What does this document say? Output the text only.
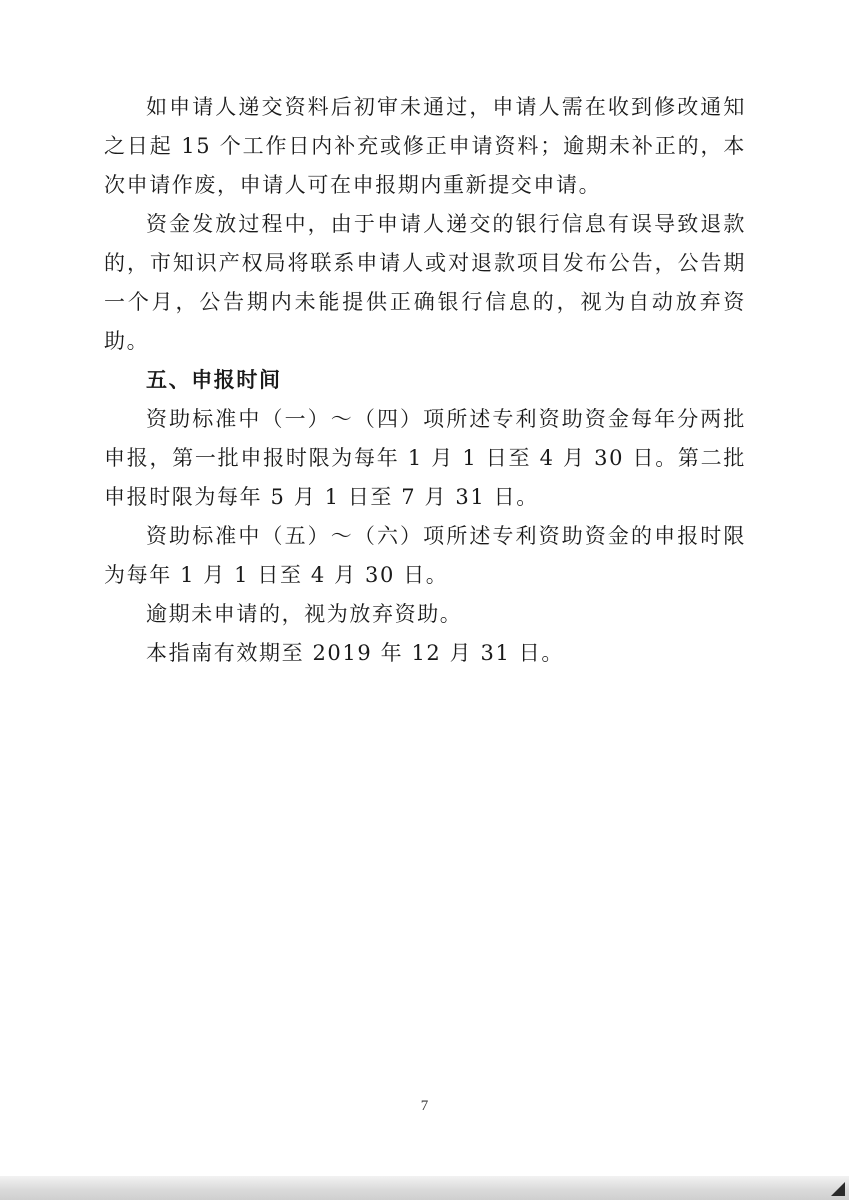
如申请人递交资料后初审未通过，申请人需在收到修改通知之日起 15 个工作日内补充或修正申请资料；逾期未补正的，本次申请作废，申请人可在申报期内重新提交申请。

资金发放过程中，由于申请人递交的银行信息有误导致退款的，市知识产权局将联系申请人或对退款项目发布公告，公告期一个月，公告期内未能提供正确银行信息的，视为自动放弃资助。

五、申报时间

资助标准中（一）～（四）项所述专利资助资金每年分两批申报，第一批申报时限为每年 1 月 1 日至 4 月 30 日。第二批申报时限为每年 5 月 1 日至 7 月 31 日。

资助标准中（五）～（六）项所述专利资助资金的申报时限为每年 1 月 1 日至 4 月 30 日。

逾期未申请的，视为放弃资助。

本指南有效期至 2019 年 12 月 31 日。

7
